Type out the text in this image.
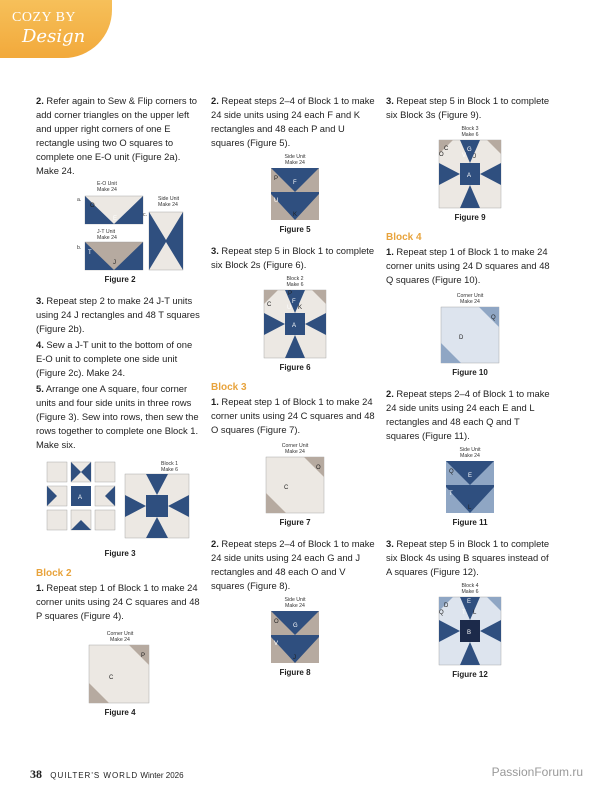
COZY BY
Design

2. Refer again to Sew & Flip corners to add corner triangles on the upper left and upper right corners of one E rectangle using two O squares to complete one E-O unit (Figure 2a). Make 24.

E-O Unit
Make 24
a.
O
E
J-T Unit
Make 24
b.
T
J
Side Unit
Make 24
c.
Figure 2

3. Repeat step 2 to make 24 J-T units using 24 J rectangles and 48 T squares (Figure 2b).

4. Sew a J-T unit to the bottom of one E-O unit to complete one side unit (Figure 2c). Make 24.

5. Arrange one A square, four corner units and four side units in three rows (Figure 3). Sew into rows, then sew the rows together to complete one Block 1. Make six.

Block 1
Make 6
A
Figure 3
Block 2

1. Repeat step 1 of Block 1 to make 24 corner units using 24 C squares and 48 P squares (Figure 4).

Corner Unit
Make 24
P
C
Figure 4

2. Repeat steps 2–4 of Block 1 to make 24 side units using 24 each F and K rectangles and 48 each P and U squares (Figure 5).

Side Unit
Make 24
P
F
U
K
Figure 5

3. Repeat step 5 in Block 1 to complete six Block 2s (Figure 6).

Block 2
Make 6
C
P
F
U K
A
Figure 6
Block 3

1. Repeat step 1 of Block 1 to make 24 corner units using 24 C squares and 48 O squares (Figure 7).

Corner Unit
Make 24
O
C
Figure 7

2. Repeat steps 2–4 of Block 1 to make 24 side units using 24 each G and J rectangles and 48 each O and V squares (Figure 8).

Side Unit
Make 24
O
G
V
J
Figure 8

3. Repeat step 5 in Block 1 to complete six Block 3s (Figure 9).

Block 3
Make 6
C
O
G
V J
A
Figure 9
Block 4

1. Repeat step 1 of Block 1 to make 24 corner units using 24 D squares and 48 Q squares (Figure 10).

Corner Unit
Make 24
Q
D
Figure 10

2. Repeat steps 2–4 of Block 1 to make 24 side units using 24 each E and L rectangles and 48 each Q and T squares (Figure 11).

Side Unit
Make 24
Q
E
T
L
Figure 11

3. Repeat step 5 in Block 1 to complete six Block 4s using B squares instead of A squares (Figure 12).

Block 4
Make 6
D
Q
E
T L
B
Figure 12
38 QUILTER'S WORLD Winter 2026	PassionForum.ru
